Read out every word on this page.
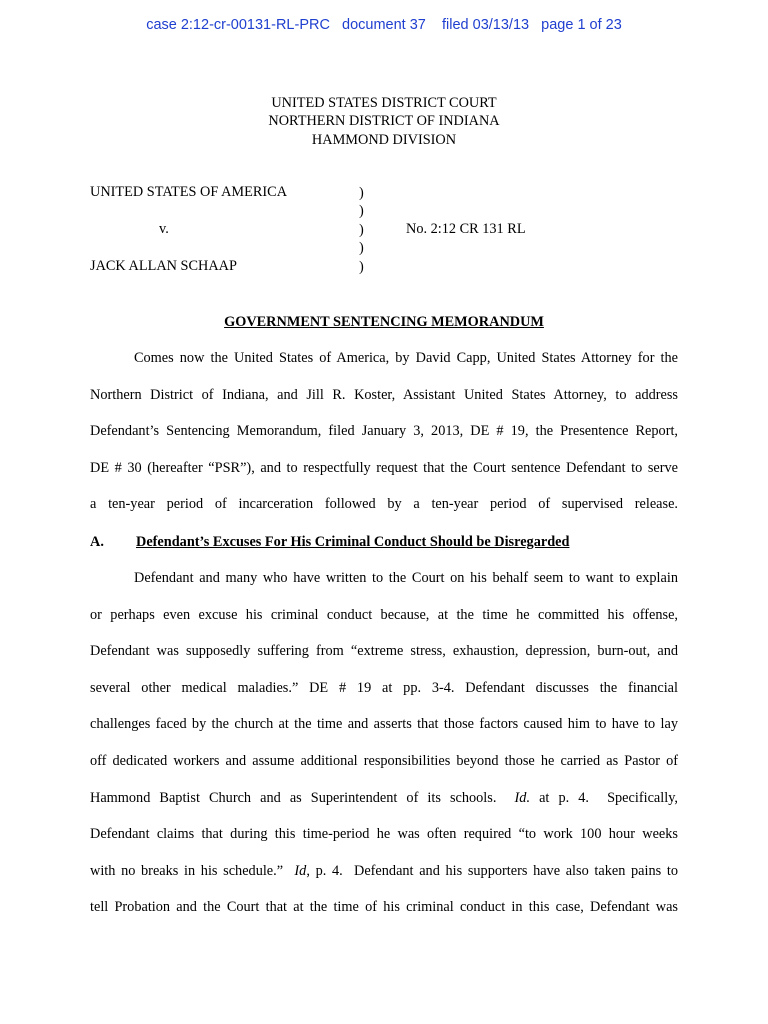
case 2:12-cr-00131-RL-PRC document 37 filed 03/13/13 page 1 of 23
UNITED STATES DISTRICT COURT
NORTHERN DISTRICT OF INDIANA
HAMMOND DIVISION
UNITED STATES OF AMERICA
v.
JACK ALLAN SCHAAP
No. 2:12 CR 131 RL
)
)
)
)
)
GOVERNMENT SENTENCING MEMORANDUM
Comes now the United States of America, by David Capp, United States Attorney for the
Northern District of Indiana, and Jill R. Koster, Assistant United States Attorney, to address
Defendant’s Sentencing Memorandum, filed January 3, 2013, DE # 19, the Presentence Report,
DE # 30 (hereafter “PSR”), and to respectfully request that the Court sentence Defendant to serve
a ten-year period of incarceration followed by a ten-year period of supervised release.
A. Defendant’s Excuses For His Criminal Conduct Should be Disregarded
Defendant and many who have written to the Court on his behalf seem to want to explain
or perhaps even excuse his criminal conduct because, at the time he committed his offense,
Defendant was supposedly suffering from “extreme stress, exhaustion, depression, burn-out, and
several other medical maladies.” DE # 19 at pp. 3-4. Defendant discusses the financial
challenges faced by the church at the time and asserts that those factors caused him to have to lay
off dedicated workers and assume additional responsibilities beyond those he carried as Pastor of
Hammond Baptist Church and as Superintendent of its schools.  Id. at p. 4.  Specifically,
Defendant claims that during this time-period he was often required “to work 100 hour weeks
with no breaks in his schedule.”  Id, p. 4.  Defendant and his supporters have also taken pains to
tell Probation and the Court that at the time of his criminal conduct in this case, Defendant was
